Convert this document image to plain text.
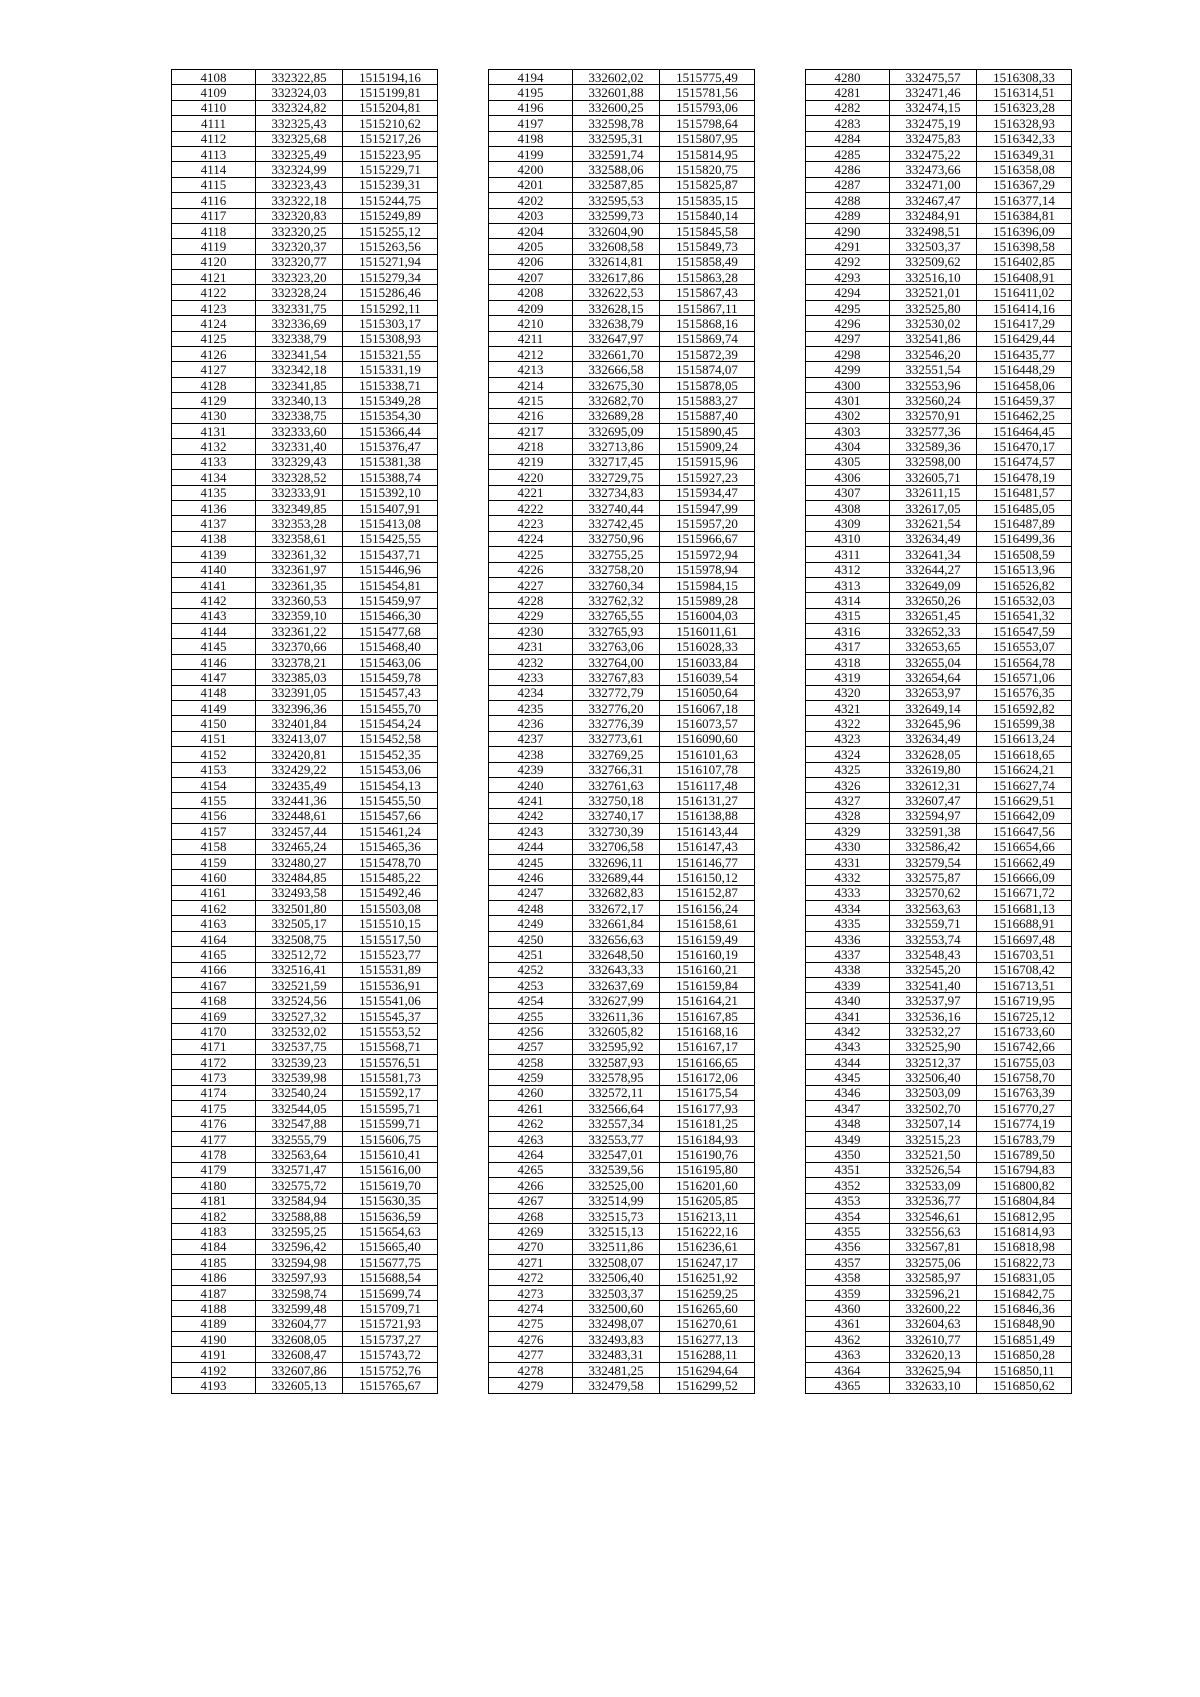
4108	332322,85	1515194,16
4109	332324,03	1515199,81
4110	332324,82	1515204,81
4111	332325,43	1515210,62
4112	332325,68	1515217,26
4113	332325,49	1515223,95
4114	332324,99	1515229,71
4115	332323,43	1515239,31
4116	332322,18	1515244,75
4117	332320,83	1515249,89
4118	332320,25	1515255,12
4119	332320,37	1515263,56
4120	332320,77	1515271,94
4121	332323,20	1515279,34
4122	332328,24	1515286,46
4123	332331,75	1515292,11
4124	332336,69	1515303,17
4125	332338,79	1515308,93
4126	332341,54	1515321,55
4127	332342,18	1515331,19
4128	332341,85	1515338,71
4129	332340,13	1515349,28
4130	332338,75	1515354,30
4131	332333,60	1515366,44
4132	332331,40	1515376,47
4133	332329,43	1515381,38
4134	332328,52	1515388,74
4135	332333,91	1515392,10
4136	332349,85	1515407,91
4137	332353,28	1515413,08
4138	332358,61	1515425,55
4139	332361,32	1515437,71
4140	332361,97	1515446,96
4141	332361,35	1515454,81
4142	332360,53	1515459,97
4143	332359,10	1515466,30
4144	332361,22	1515477,68
4145	332370,66	1515468,40
4146	332378,21	1515463,06
4147	332385,03	1515459,78
4148	332391,05	1515457,43
4149	332396,36	1515455,70
4150	332401,84	1515454,24
4151	332413,07	1515452,58
4152	332420,81	1515452,35
4153	332429,22	1515453,06
4154	332435,49	1515454,13
4155	332441,36	1515455,50
4156	332448,61	1515457,66
4157	332457,44	1515461,24
4158	332465,24	1515465,36
4159	332480,27	1515478,70
4160	332484,85	1515485,22
4161	332493,58	1515492,46
4162	332501,80	1515503,08
4163	332505,17	1515510,15
4164	332508,75	1515517,50
4165	332512,72	1515523,77
4166	332516,41	1515531,89
4167	332521,59	1515536,91
4168	332524,56	1515541,06
4169	332527,32	1515545,37
4170	332532,02	1515553,52
4171	332537,75	1515568,71
4172	332539,23	1515576,51
4173	332539,98	1515581,73
4174	332540,24	1515592,17
4175	332544,05	1515595,71
4176	332547,88	1515599,71
4177	332555,79	1515606,75
4178	332563,64	1515610,41
4179	332571,47	1515616,00
4180	332575,72	1515619,70
4181	332584,94	1515630,35
4182	332588,88	1515636,59
4183	332595,25	1515654,63
4184	332596,42	1515665,40
4185	332594,98	1515677,75
4186	332597,93	1515688,54
4187	332598,74	1515699,74
4188	332599,48	1515709,71
4189	332604,77	1515721,93
4190	332608,05	1515737,27
4191	332608,47	1515743,72
4192	332607,86	1515752,76
4193	332605,13	1515765,67
4194	332602,02	1515775,49
4195	332601,88	1515781,56
4196	332600,25	1515793,06
4197	332598,78	1515798,64
4198	332595,31	1515807,95
4199	332591,74	1515814,95
4200	332588,06	1515820,75
4201	332587,85	1515825,87
4202	332595,53	1515835,15
4203	332599,73	1515840,14
4204	332604,90	1515845,58
4205	332608,58	1515849,73
4206	332614,81	1515858,49
4207	332617,86	1515863,28
4208	332622,53	1515867,43
4209	332628,15	1515867,11
4210	332638,79	1515868,16
4211	332647,97	1515869,74
4212	332661,70	1515872,39
4213	332666,58	1515874,07
4214	332675,30	1515878,05
4215	332682,70	1515883,27
4216	332689,28	1515887,40
4217	332695,09	1515890,45
4218	332713,86	1515909,24
4219	332717,45	1515915,96
4220	332729,75	1515927,23
4221	332734,83	1515934,47
4222	332740,44	1515947,99
4223	332742,45	1515957,20
4224	332750,96	1515966,67
4225	332755,25	1515972,94
4226	332758,20	1515978,94
4227	332760,34	1515984,15
4228	332762,32	1515989,28
4229	332765,55	1516004,03
4230	332765,93	1516011,61
4231	332763,06	1516028,33
4232	332764,00	1516033,84
4233	332767,83	1516039,54
4234	332772,79	1516050,64
4235	332776,20	1516067,18
4236	332776,39	1516073,57
4237	332773,61	1516090,60
4238	332769,25	1516101,63
4239	332766,31	1516107,78
4240	332761,63	1516117,48
4241	332750,18	1516131,27
4242	332740,17	1516138,88
4243	332730,39	1516143,44
4244	332706,58	1516147,43
4245	332696,11	1516146,77
4246	332689,44	1516150,12
4247	332682,83	1516152,87
4248	332672,17	1516156,24
4249	332661,84	1516158,61
4250	332656,63	1516159,49
4251	332648,50	1516160,19
4252	332643,33	1516160,21
4253	332637,69	1516159,84
4254	332627,99	1516164,21
4255	332611,36	1516167,85
4256	332605,82	1516168,16
4257	332595,92	1516167,17
4258	332587,93	1516166,65
4259	332578,95	1516172,06
4260	332572,11	1516175,54
4261	332566,64	1516177,93
4262	332557,34	1516181,25
4263	332553,77	1516184,93
4264	332547,01	1516190,76
4265	332539,56	1516195,80
4266	332525,00	1516201,60
4267	332514,99	1516205,85
4268	332515,73	1516213,11
4269	332515,13	1516222,16
4270	332511,86	1516236,61
4271	332508,07	1516247,17
4272	332506,40	1516251,92
4273	332503,37	1516259,25
4274	332500,60	1516265,60
4275	332498,07	1516270,61
4276	332493,83	1516277,13
4277	332483,31	1516288,11
4278	332481,25	1516294,64
4279	332479,58	1516299,52
4280	332475,57	1516308,33
4281	332471,46	1516314,51
4282	332474,15	1516323,28
4283	332475,19	1516328,93
4284	332475,83	1516342,33
4285	332475,22	1516349,31
4286	332473,66	1516358,08
4287	332471,00	1516367,29
4288	332467,47	1516377,14
4289	332484,91	1516384,81
4290	332498,51	1516396,09
4291	332503,37	1516398,58
4292	332509,62	1516402,85
4293	332516,10	1516408,91
4294	332521,01	1516411,02
4295	332525,80	1516414,16
4296	332530,02	1516417,29
4297	332541,86	1516429,44
4298	332546,20	1516435,77
4299	332551,54	1516448,29
4300	332553,96	1516458,06
4301	332560,24	1516459,37
4302	332570,91	1516462,25
4303	332577,36	1516464,45
4304	332589,36	1516470,17
4305	332598,00	1516474,57
4306	332605,71	1516478,19
4307	332611,15	1516481,57
4308	332617,05	1516485,05
4309	332621,54	1516487,89
4310	332634,49	1516499,36
4311	332641,34	1516508,59
4312	332644,27	1516513,96
4313	332649,09	1516526,82
4314	332650,26	1516532,03
4315	332651,45	1516541,32
4316	332652,33	1516547,59
4317	332653,65	1516553,07
4318	332655,04	1516564,78
4319	332654,64	1516571,06
4320	332653,97	1516576,35
4321	332649,14	1516592,82
4322	332645,96	1516599,38
4323	332634,49	1516613,24
4324	332628,05	1516618,65
4325	332619,80	1516624,21
4326	332612,31	1516627,74
4327	332607,47	1516629,51
4328	332594,97	1516642,09
4329	332591,38	1516647,56
4330	332586,42	1516654,66
4331	332579,54	1516662,49
4332	332575,87	1516666,09
4333	332570,62	1516671,72
4334	332563,63	1516681,13
4335	332559,71	1516688,91
4336	332553,74	1516697,48
4337	332548,43	1516703,51
4338	332545,20	1516708,42
4339	332541,40	1516713,51
4340	332537,97	1516719,95
4341	332536,16	1516725,12
4342	332532,27	1516733,60
4343	332525,90	1516742,66
4344	332512,37	1516755,03
4345	332506,40	1516758,70
4346	332503,09	1516763,39
4347	332502,70	1516770,27
4348	332507,14	1516774,19
4349	332515,23	1516783,79
4350	332521,50	1516789,50
4351	332526,54	1516794,83
4352	332533,09	1516800,82
4353	332536,77	1516804,84
4354	332546,61	1516812,95
4355	332556,63	1516814,93
4356	332567,81	1516818,98
4357	332575,06	1516822,73
4358	332585,97	1516831,05
4359	332596,21	1516842,75
4360	332600,22	1516846,36
4361	332604,63	1516848,90
4362	332610,77	1516851,49
4363	332620,13	1516850,28
4364	332625,94	1516850,11
4365	332633,10	1516850,62
